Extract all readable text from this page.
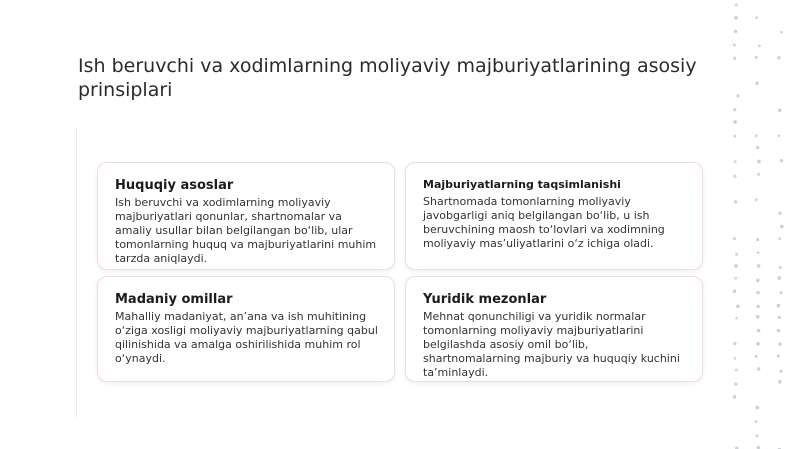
Ish beruvchi va xodimlarning moliyaviy majburiyatlarining asosiy prinsiplari
Huquqiy asoslar

Ish beruvchi va xodimlarning moliyaviy majburiyatlari qonunlar, shartnomalar va amaliy usullar bilan belgilangan bo‘lib, ular tomonlarning huquq va majburiyatlarini muhim tarzda aniqlaydi.

Majburiyatlarning taqsimlanishi

Shartnomada tomonlarning moliyaviy javobgarligi aniq belgilangan bo‘lib, u ish beruvchining maosh to‘lovlari va xodimning moliyaviy mas’uliyatlarini o‘z ichiga oladi.

Madaniy omillar

Mahalliy madaniyat, an’ana va ish muhitining o‘ziga xosligi moliyaviy majburiyatlarning qabul qilinishida va amalga oshirilishida muhim rol o‘ynaydi.

Yuridik mezonlar

Mehnat qonunchiligi va yuridik normalar tomonlarning moliyaviy majburiyatlarini belgilashda asosiy omil bo‘lib, shartnomalarning majburiy va huquqiy kuchini ta’minlaydi.
